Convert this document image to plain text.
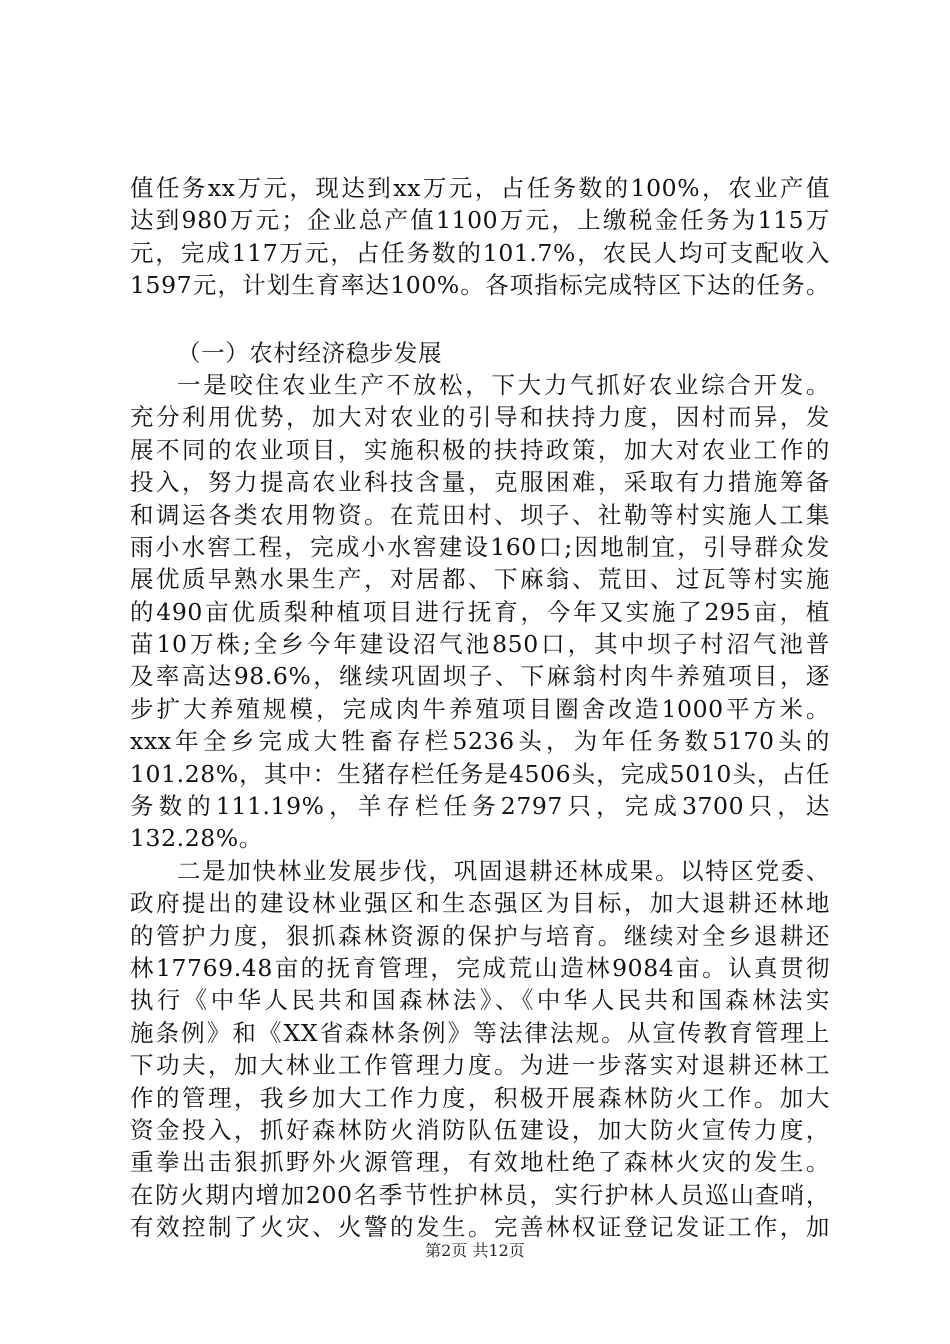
值任务xx万元，现达到xx万元，占任务数的100%，农业产值
达到980万元；企业总产值1100万元，上缴税金任务为115万
元，完成117万元，占任务数的101.7%，农民人均可支配收入
1597元，计划生育率达100%。各项指标完成特区下达的任务。
（一）农村经济稳步发展
一是咬住农业生产不放松，下大力气抓好农业综合开发。
充分利用优势，加大对农业的引导和扶持力度，因村而异，发
展不同的农业项目，实施积极的扶持政策，加大对农业工作的
投入，努力提高农业科技含量，克服困难，采取有力措施筹备
和调运各类农用物资。在荒田村、坝子、社勒等村实施人工集
雨小水窖工程，完成小水窖建设160口;因地制宜，引导群众发
展优质早熟水果生产，对居都、下麻翁、荒田、过瓦等村实施
的490亩优质梨种植项目进行抚育，今年又实施了295亩，植
苗10万株;全乡今年建设沼气池850口，其中坝子村沼气池普
及率高达98.6%，继续巩固坝子、下麻翁村肉牛养殖项目，逐
步扩大养殖规模，完成肉牛养殖项目圈舍改造1000平方米。
xxx年全乡完成大牲畜存栏5236头，为年任务数5170头的
101.28%，其中：生猪存栏任务是4506头，完成5010头，占任
务数的111.19%，羊存栏任务2797只，完成3700只，达
132.28%。
二是加快林业发展步伐，巩固退耕还林成果。以特区党委、
政府提出的建设林业强区和生态强区为目标，加大退耕还林地
的管护力度，狠抓森林资源的保护与培育。继续对全乡退耕还
林17769.48亩的抚育管理，完成荒山造林9084亩。认真贯彻
执行《中华人民共和国森林法》、《中华人民共和国森林法实
施条例》和《XX省森林条例》等法律法规。从宣传教育管理上
下功夫，加大林业工作管理力度。为进一步落实对退耕还林工
作的管理，我乡加大工作力度，积极开展森林防火工作。加大
资金投入，抓好森林防火消防队伍建设，加大防火宣传力度，
重拳出击狠抓野外火源管理，有效地杜绝了森林火灾的发生。
在防火期内增加200名季节性护林员，实行护林人员巡山查哨，
有效控制了火灾、火警的发生。完善林权证登记发证工作，加
第2页 共12页
